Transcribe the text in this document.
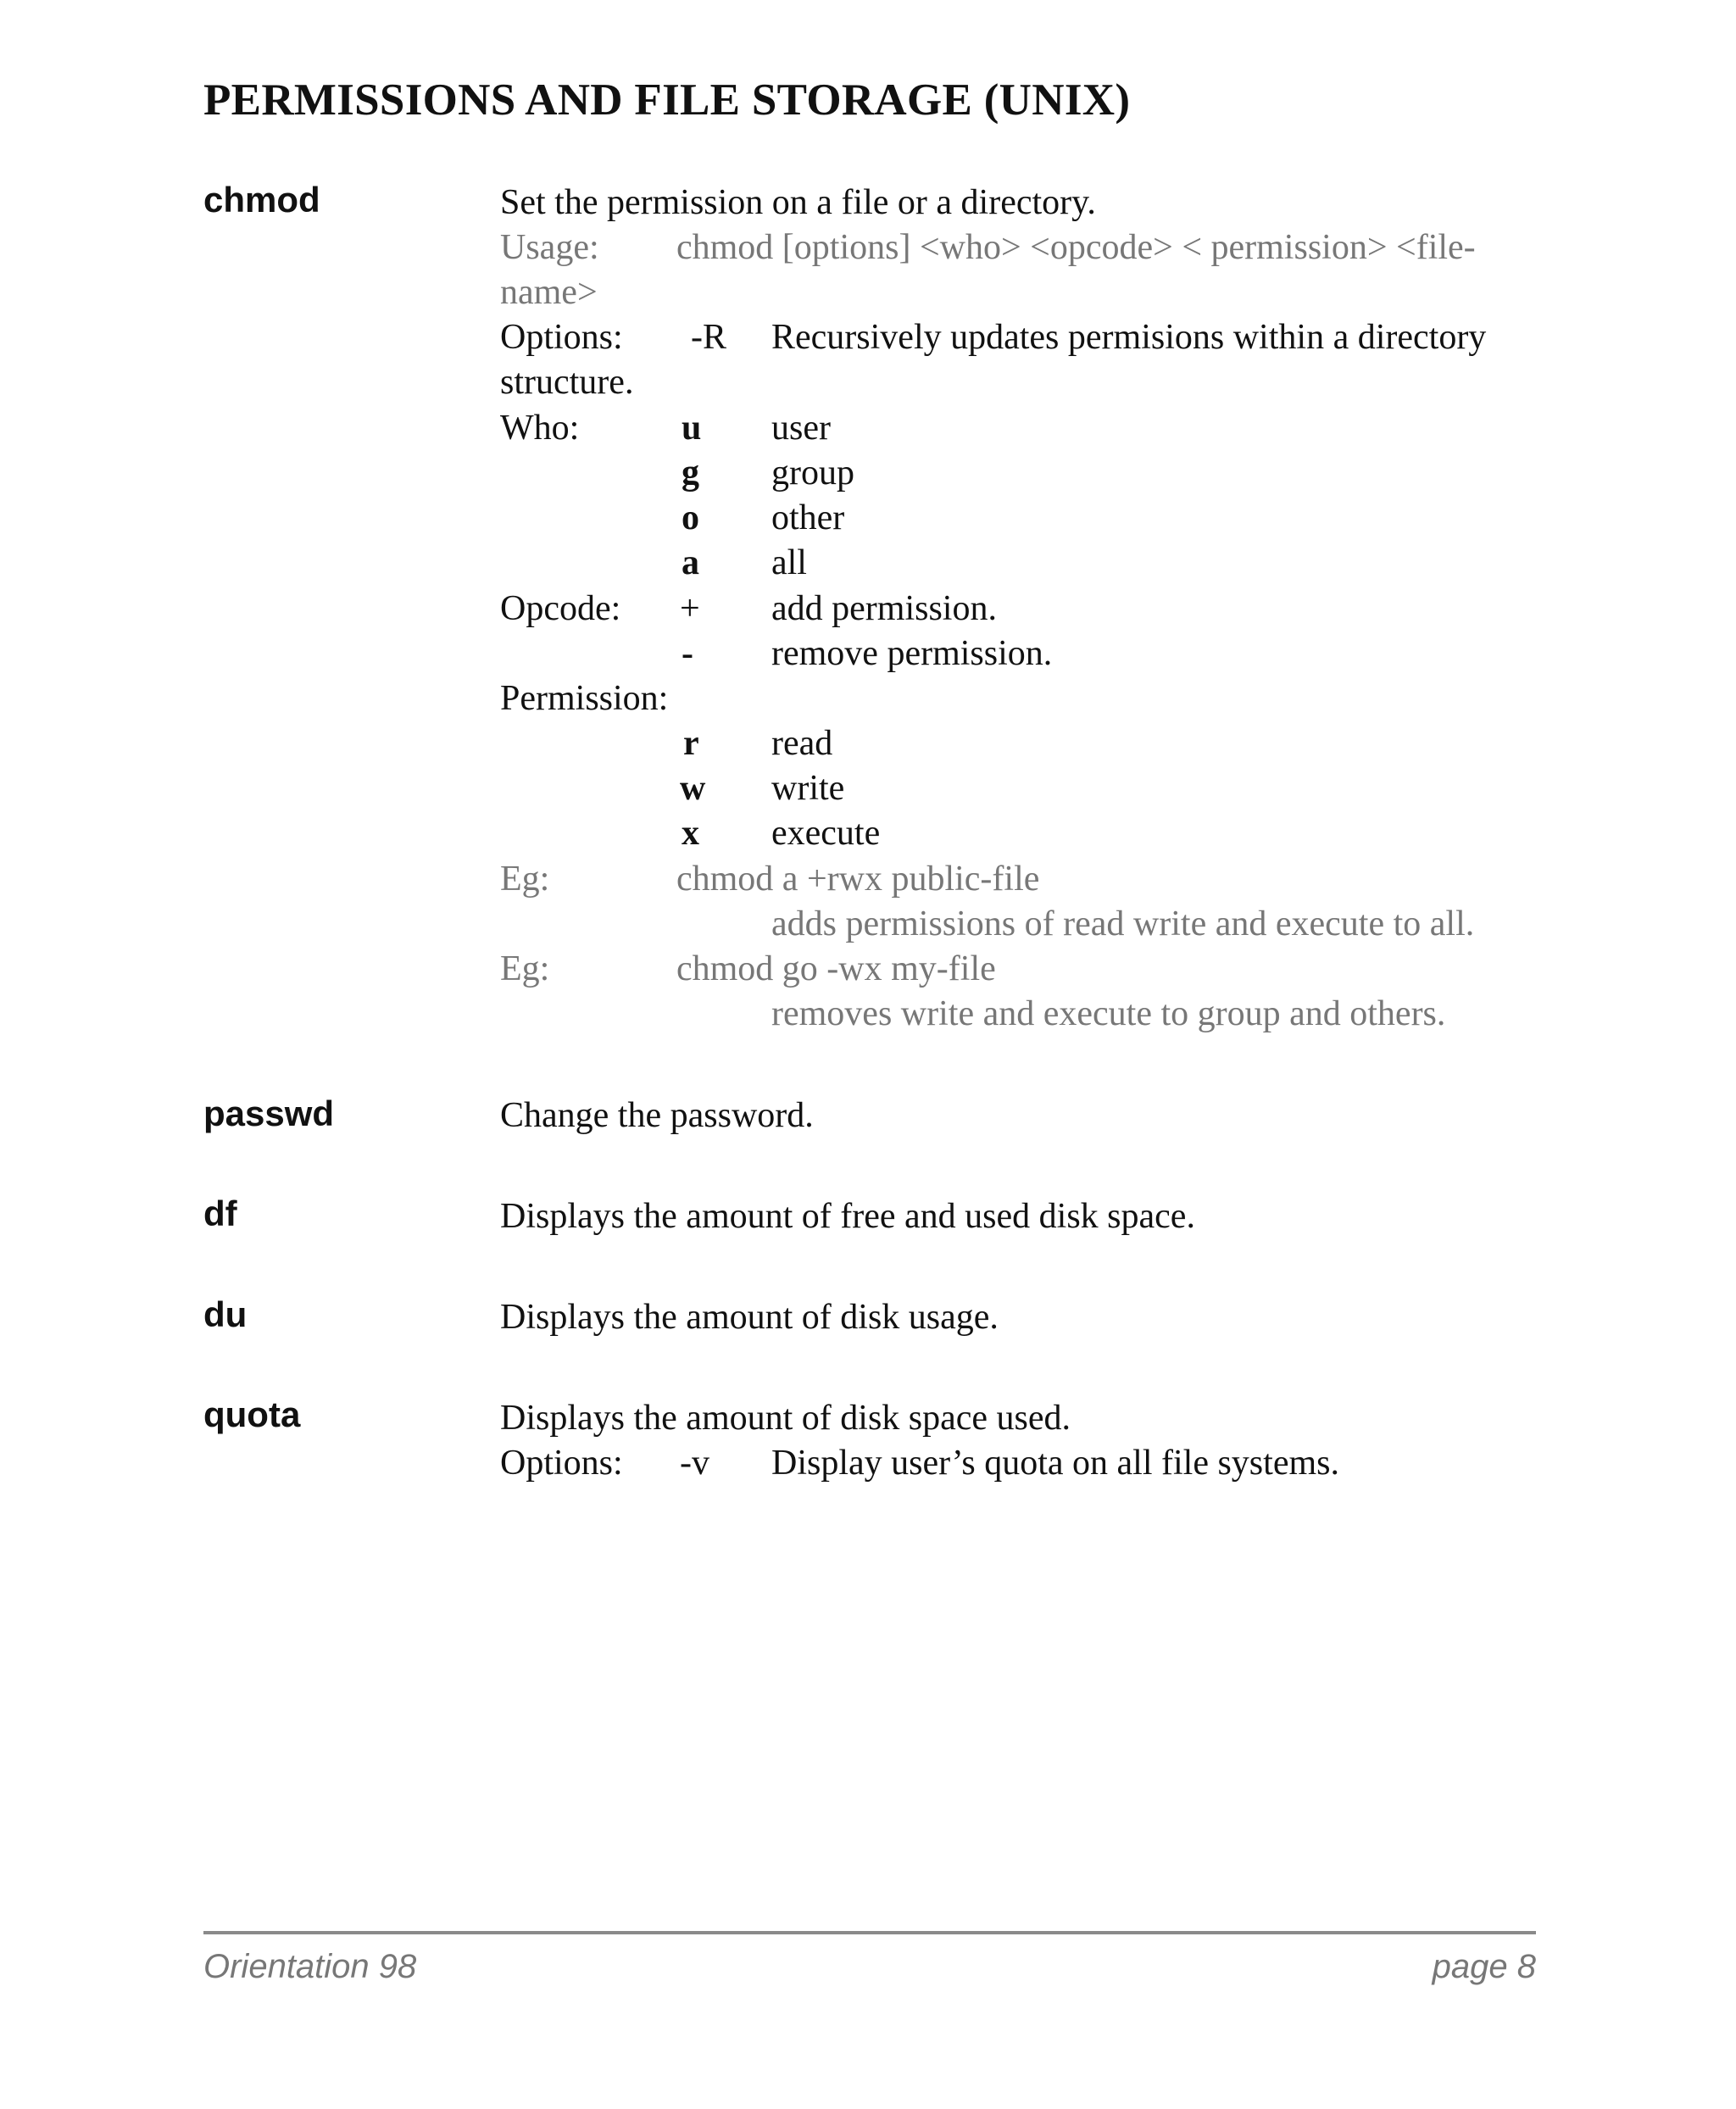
PERMISSIONS AND FILE STORAGE (UNIX)
chmod	Set the permission on a file or a directory.
Usage: chmod [options] <who> <opcode> < permission> <file-
name>
Options: -R Recursively updates permisions within a directory
structure.
Who:	u user
g group
o other
a all
Opcode: + add permission.
- remove permission.
Permission:
r read
w write
x execute
Eg:	chmod a +rwx public-file
adds permissions of read write and execute to all.
Eg:	chmod go -wx my-file
removes write and execute to group and others.
passwd	Change the password.
df	Displays the amount of free and used disk space.
du	Displays the amount of disk usage.
quota	Displays the amount of disk space used.
Options: -v Display user’s quota on all file systems.
Orientation 98	page 8
